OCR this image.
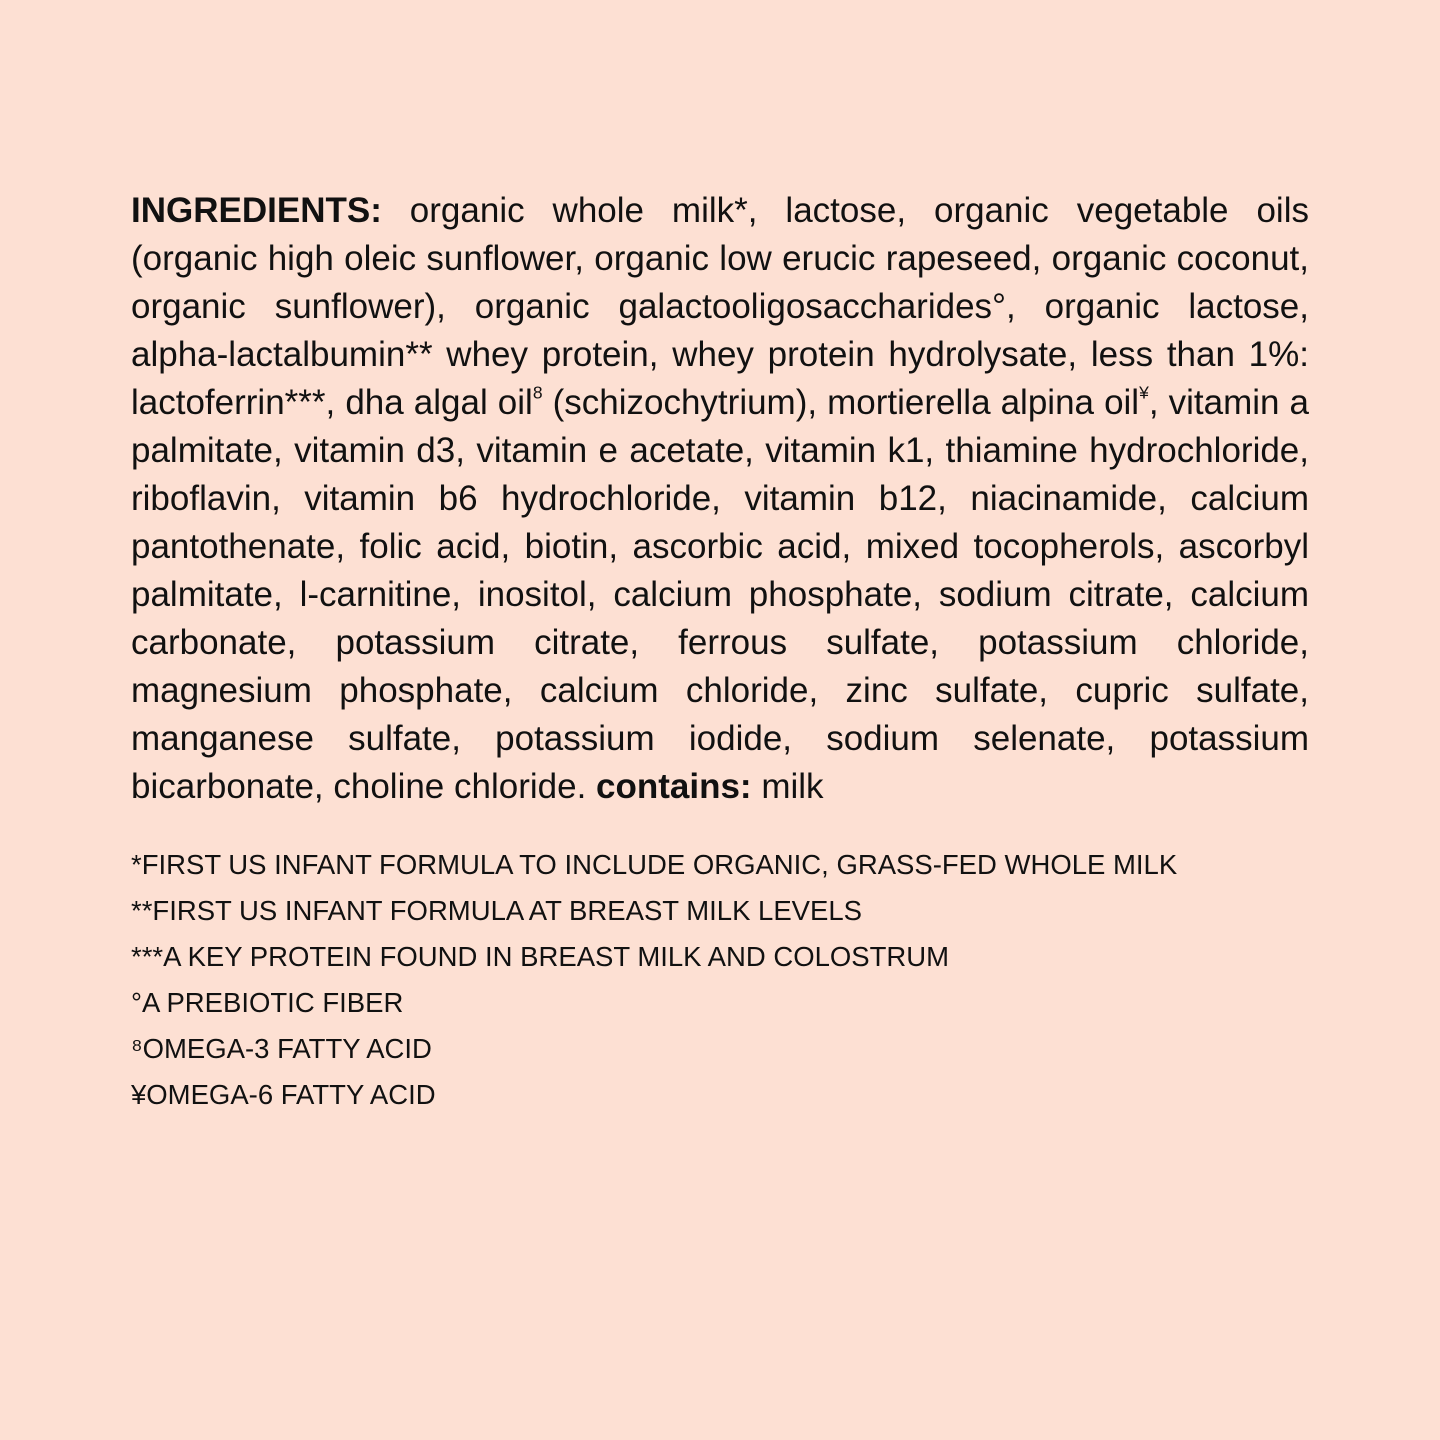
INGREDIENTS: organic whole milk*, lactose, organic vegetable oils (organic high oleic sunflower, organic low erucic rapeseed, organic coconut, organic sunflower), organic galactooligosaccharides°, organic lactose, alpha-lactalbumin** whey protein, whey protein hydrolysate, less than 1%: lactoferrin***, dha algal oil$^8$ (schizochytrium), mortierella alpina oil¥, vitamin a palmitate, vitamin d3, vitamin e acetate, vitamin k1, thiamine hydrochloride, riboflavin, vitamin b6 hydrochloride, vitamin b12, niacinamide, calcium pantothenate, folic acid, biotin, ascorbic acid, mixed tocopherols, ascorbyl palmitate, l-carnitine, inositol, calcium phosphate, sodium citrate, calcium carbonate, potassium citrate, ferrous sulfate, potassium chloride, magnesium phosphate, calcium chloride, zinc sulfate, cupric sulfate, manganese sulfate, potassium iodide, sodium selenate, potassium bicarbonate, choline chloride. contains: milk

*FIRST US INFANT FORMULA TO INCLUDE ORGANIC, GRASS-FED WHOLE MILK
**FIRST US INFANT FORMULA AT BREAST MILK LEVELS
***A KEY PROTEIN FOUND IN BREAST MILK AND COLOSTRUM
°A PREBIOTIC FIBER
⁸OMEGA-3 FATTY ACID
¥OMEGA-6 FATTY ACID
